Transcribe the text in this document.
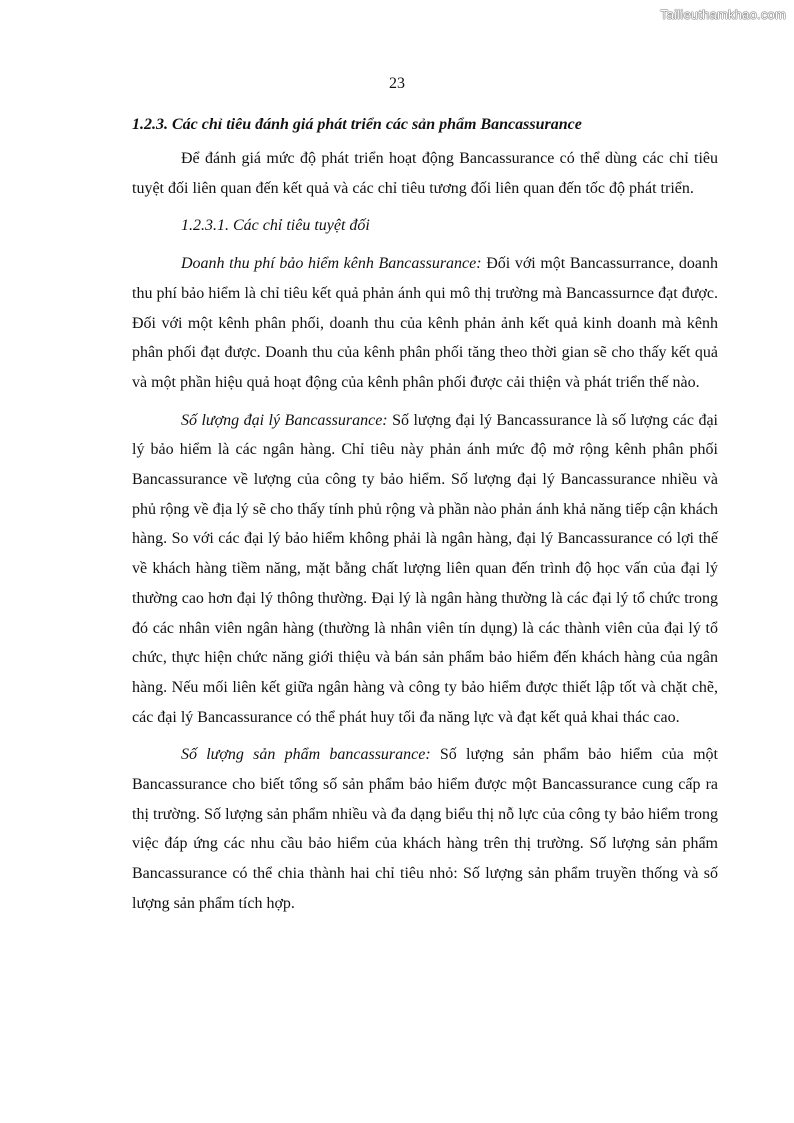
Tailieuthamkhao.com
23

1.2.3. Các chỉ tiêu đánh giá phát triển các sản phẩm Bancassurance

Để đánh giá mức độ phát triển hoạt động Bancassurance có thể dùng các chỉ tiêu tuyệt đối liên quan đến kết quả và các chỉ tiêu tương đối liên quan đến tốc độ phát triển.

1.2.3.1. Các chỉ tiêu tuyệt đối

Doanh thu phí bảo hiểm kênh Bancassurance: Đối với một Bancassurrance, doanh thu phí bảo hiểm là chỉ tiêu kết quả phản ánh qui mô thị trường mà Bancassurnce đạt được. Đối với một kênh phân phối, doanh thu của kênh phản ảnh kết quả kinh doanh mà kênh phân phối đạt được. Doanh thu của kênh phân phối tăng theo thời gian sẽ cho thấy kết quả và một phần hiệu quả hoạt động của kênh phân phối được cải thiện và phát triển thế nào.

Số lượng đại lý Bancassurance: Số lượng đại lý Bancassurance là số lượng các đại lý bảo hiểm là các ngân hàng. Chỉ tiêu này phản ánh mức độ mở rộng kênh phân phối Bancassurance về lượng của công ty bảo hiểm. Số lượng đại lý Bancassurance nhiều và phủ rộng về địa lý sẽ cho thấy tính phủ rộng và phần nào phản ánh khả năng tiếp cận khách hàng. So với các đại lý bảo hiểm không phải là ngân hàng, đại lý Bancassurance có lợi thế về khách hàng tiềm năng, mặt bằng chất lượng liên quan đến trình độ học vấn của đại lý thường cao hơn đại lý thông thường. Đại lý là ngân hàng thường là các đại lý tổ chức trong đó các nhân viên ngân hàng (thường là nhân viên tín dụng) là các thành viên của đại lý tổ chức, thực hiện chức năng giới thiệu và bán sản phẩm bảo hiểm đến khách hàng của ngân hàng. Nếu mối liên kết giữa ngân hàng và công ty bảo hiểm được thiết lập tốt và chặt chẽ, các đại lý Bancassurance có thể phát huy tối đa năng lực và đạt kết quả khai thác cao.

Số lượng sản phẩm bancassurance: Số lượng sản phẩm bảo hiểm của một Bancassurance cho biết tổng số sản phẩm bảo hiểm được một Bancassurance cung cấp ra thị trường. Số lượng sản phẩm nhiều và đa dạng biểu thị nỗ lực của công ty bảo hiểm trong việc đáp ứng các nhu cầu bảo hiểm của khách hàng trên thị trường. Số lượng sản phẩm Bancassurance có thể chia thành hai chỉ tiêu nhỏ: Số lượng sản phẩm truyền thống và số lượng sản phẩm tích hợp.
